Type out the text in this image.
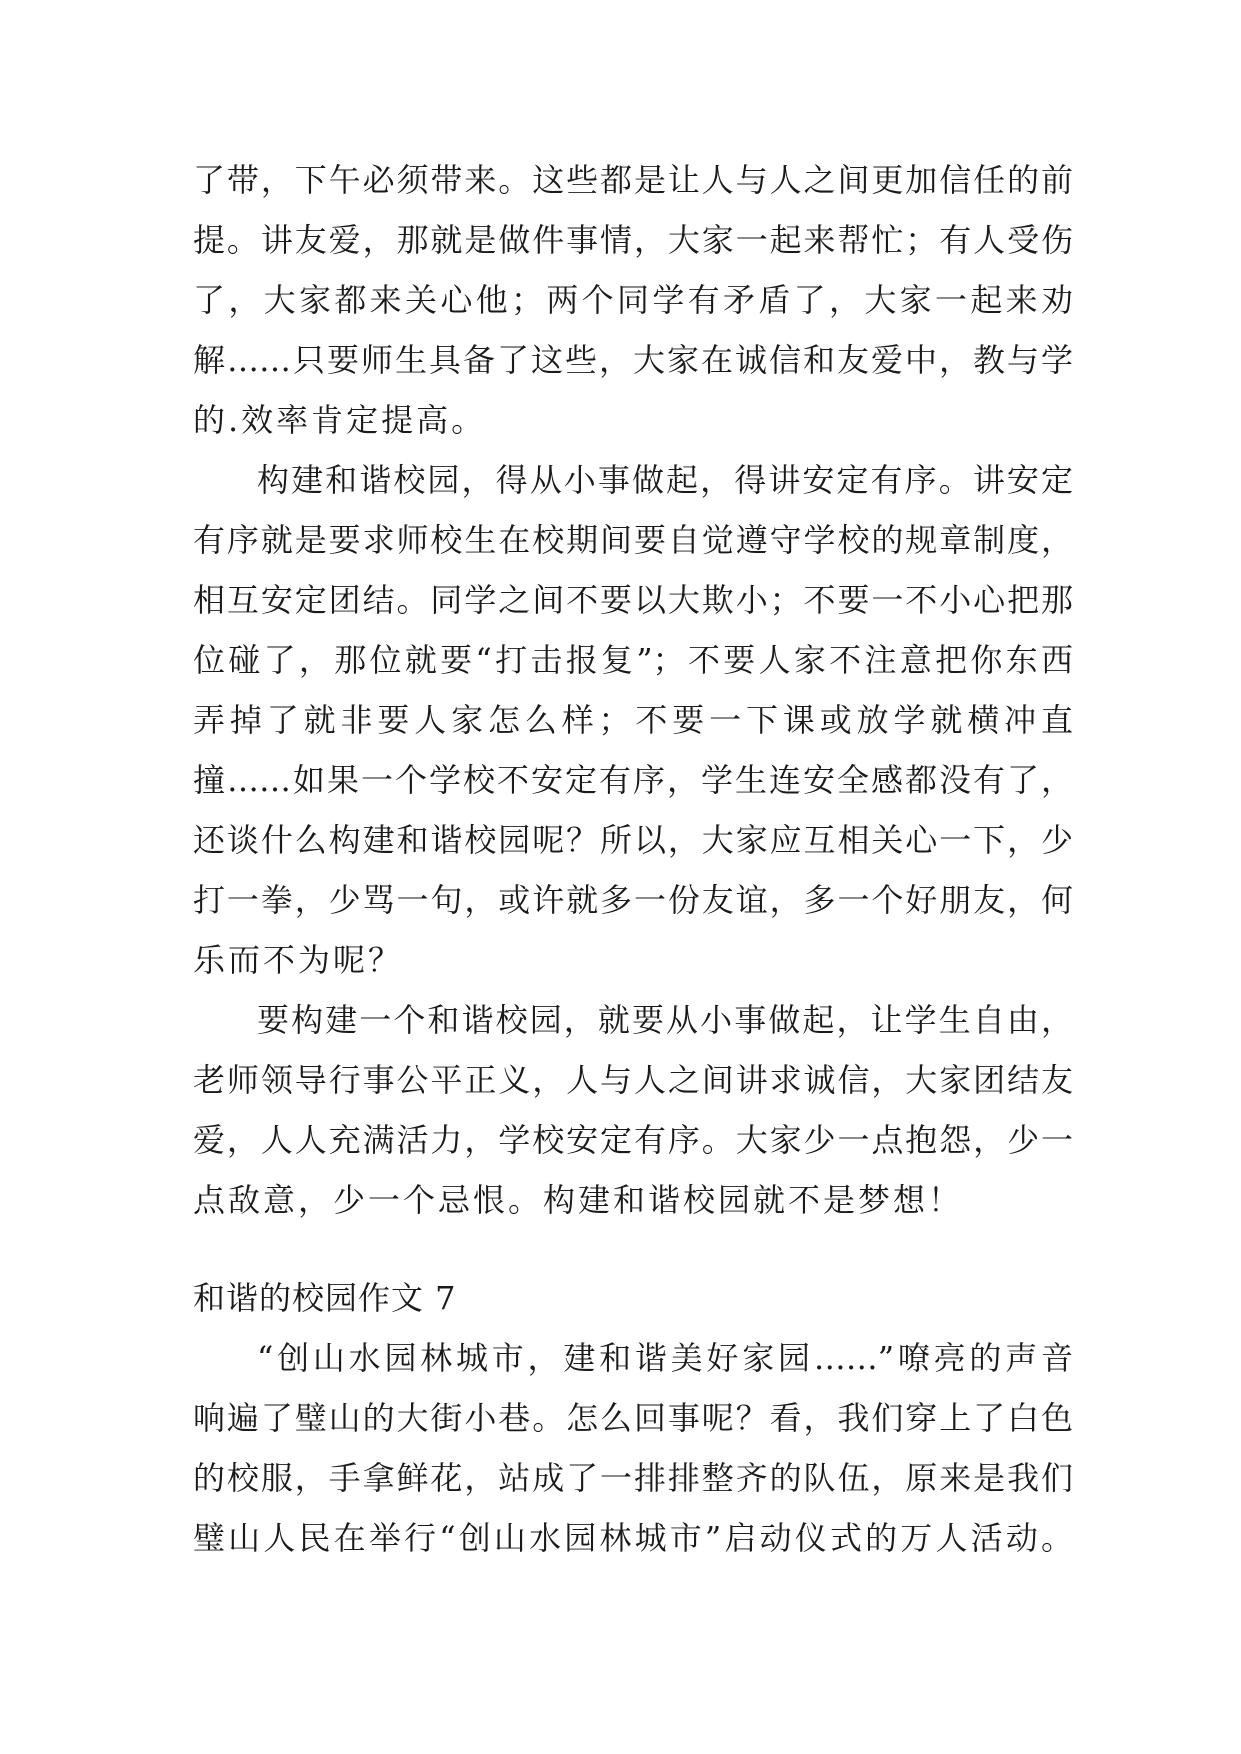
了带，下午必须带来。这些都是让人与人之间更加信任的前
提。讲友爱，那就是做件事情，大家一起来帮忙；有人受伤
了，大家都来关心他；两个同学有矛盾了，大家一起来劝
解……只要师生具备了这些，大家在诚信和友爱中，教与学
的.效率肯定提高。
构建和谐校园，得从小事做起，得讲安定有序。讲安定
有序就是要求师校生在校期间要自觉遵守学校的规章制度，
相互安定团结。同学之间不要以大欺小；不要一不小心把那
位碰了，那位就要“打击报复”；不要人家不注意把你东西
弄掉了就非要人家怎么样；不要一下课或放学就横冲直
撞……如果一个学校不安定有序，学生连安全感都没有了，
还谈什么构建和谐校园呢？所以，大家应互相关心一下，少
打一拳，少骂一句，或许就多一份友谊，多一个好朋友，何
乐而不为呢？
要构建一个和谐校园，就要从小事做起，让学生自由，
老师领导行事公平正义，人与人之间讲求诚信，大家团结友
爱，人人充满活力，学校安定有序。大家少一点抱怨，少一
点敌意，少一个忌恨。构建和谐校园就不是梦想！
和谐的校园作文 7
“创山水园林城市，建和谐美好家园……”嘹亮的声音
响遍了璧山的大街小巷。怎么回事呢？看，我们穿上了白色
的校服，手拿鲜花，站成了一排排整齐的队伍，原来是我们
璧山人民在举行“创山水园林城市”启动仪式的万人活动。
